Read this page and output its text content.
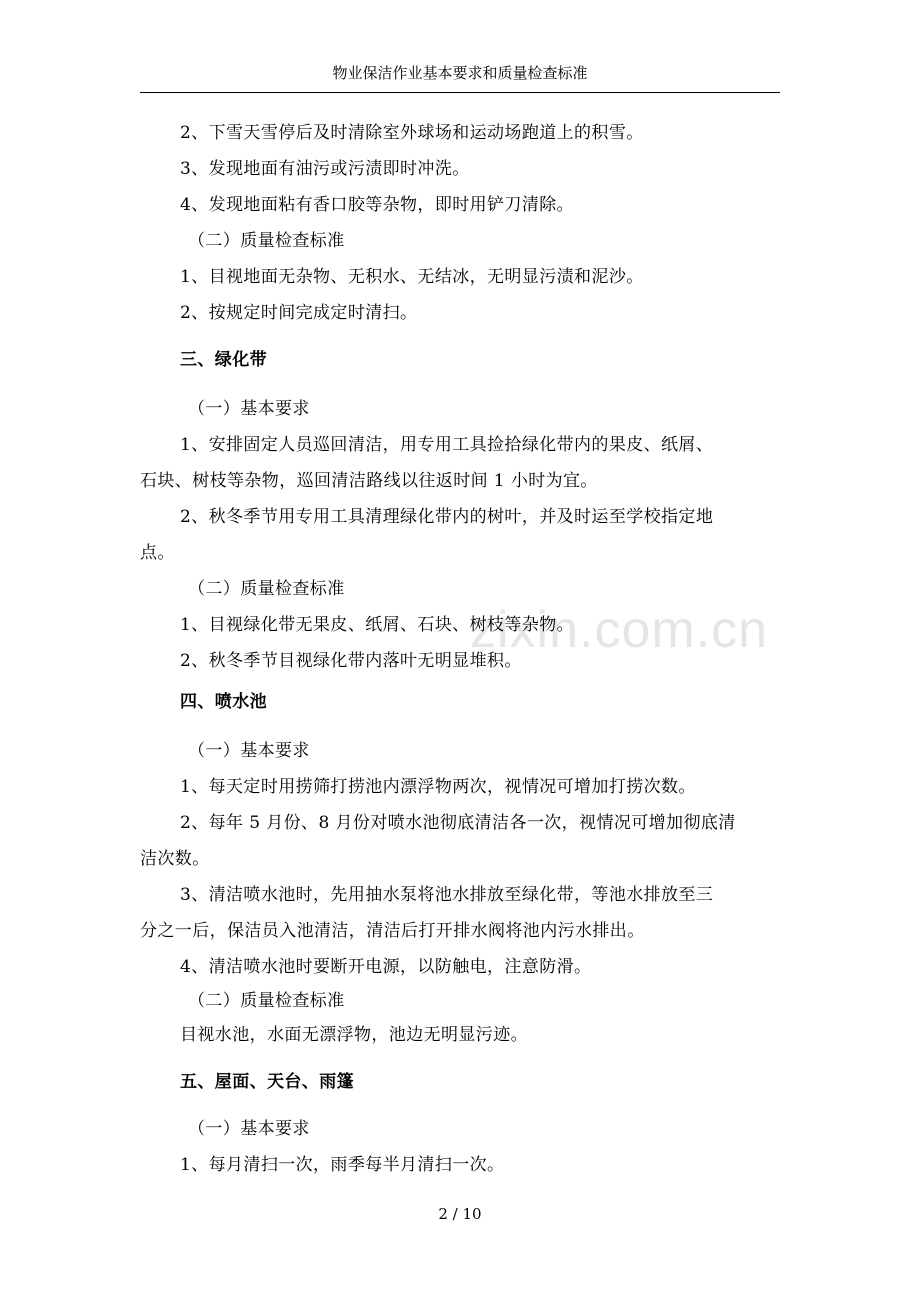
物业保洁作业基本要求和质量检查标准
2、下雪天雪停后及时清除室外球场和运动场跑道上的积雪。
3、发现地面有油污或污渍即时冲洗。
4、发现地面粘有香口胶等杂物，即时用铲刀清除。
（二）质量检查标准
1、目视地面无杂物、无积水、无结冰，无明显污渍和泥沙。
2、按规定时间完成定时清扫。
三、绿化带
（一）基本要求
1、安排固定人员巡回清洁，用专用工具捡拾绿化带内的果皮、纸屑、
石块、树枝等杂物，巡回清洁路线以往返时间 1 小时为宜。
2、秋冬季节用专用工具清理绿化带内的树叶，并及时运至学校指定地
点。
（二）质量检查标准
1、目视绿化带无果皮、纸屑、石块、树枝等杂物。
2、秋冬季节目视绿化带内落叶无明显堆积。
四、喷水池
（一）基本要求
1、每天定时用捞筛打捞池内漂浮物两次，视情况可增加打捞次数。
2、每年 5 月份、8 月份对喷水池彻底清洁各一次，视情况可增加彻底清
洁次数。
3、清洁喷水池时，先用抽水泵将池水排放至绿化带，等池水排放至三
分之一后，保洁员入池清洁，清洁后打开排水阀将池内污水排出。
4、清洁喷水池时要断开电源，以防触电，注意防滑。
（二）质量检查标准
目视水池，水面无漂浮物，池边无明显污迹。
五、屋面、天台、雨篷
（一）基本要求
1、每月清扫一次，雨季每半月清扫一次。
zixin.com.cn
2 / 10
